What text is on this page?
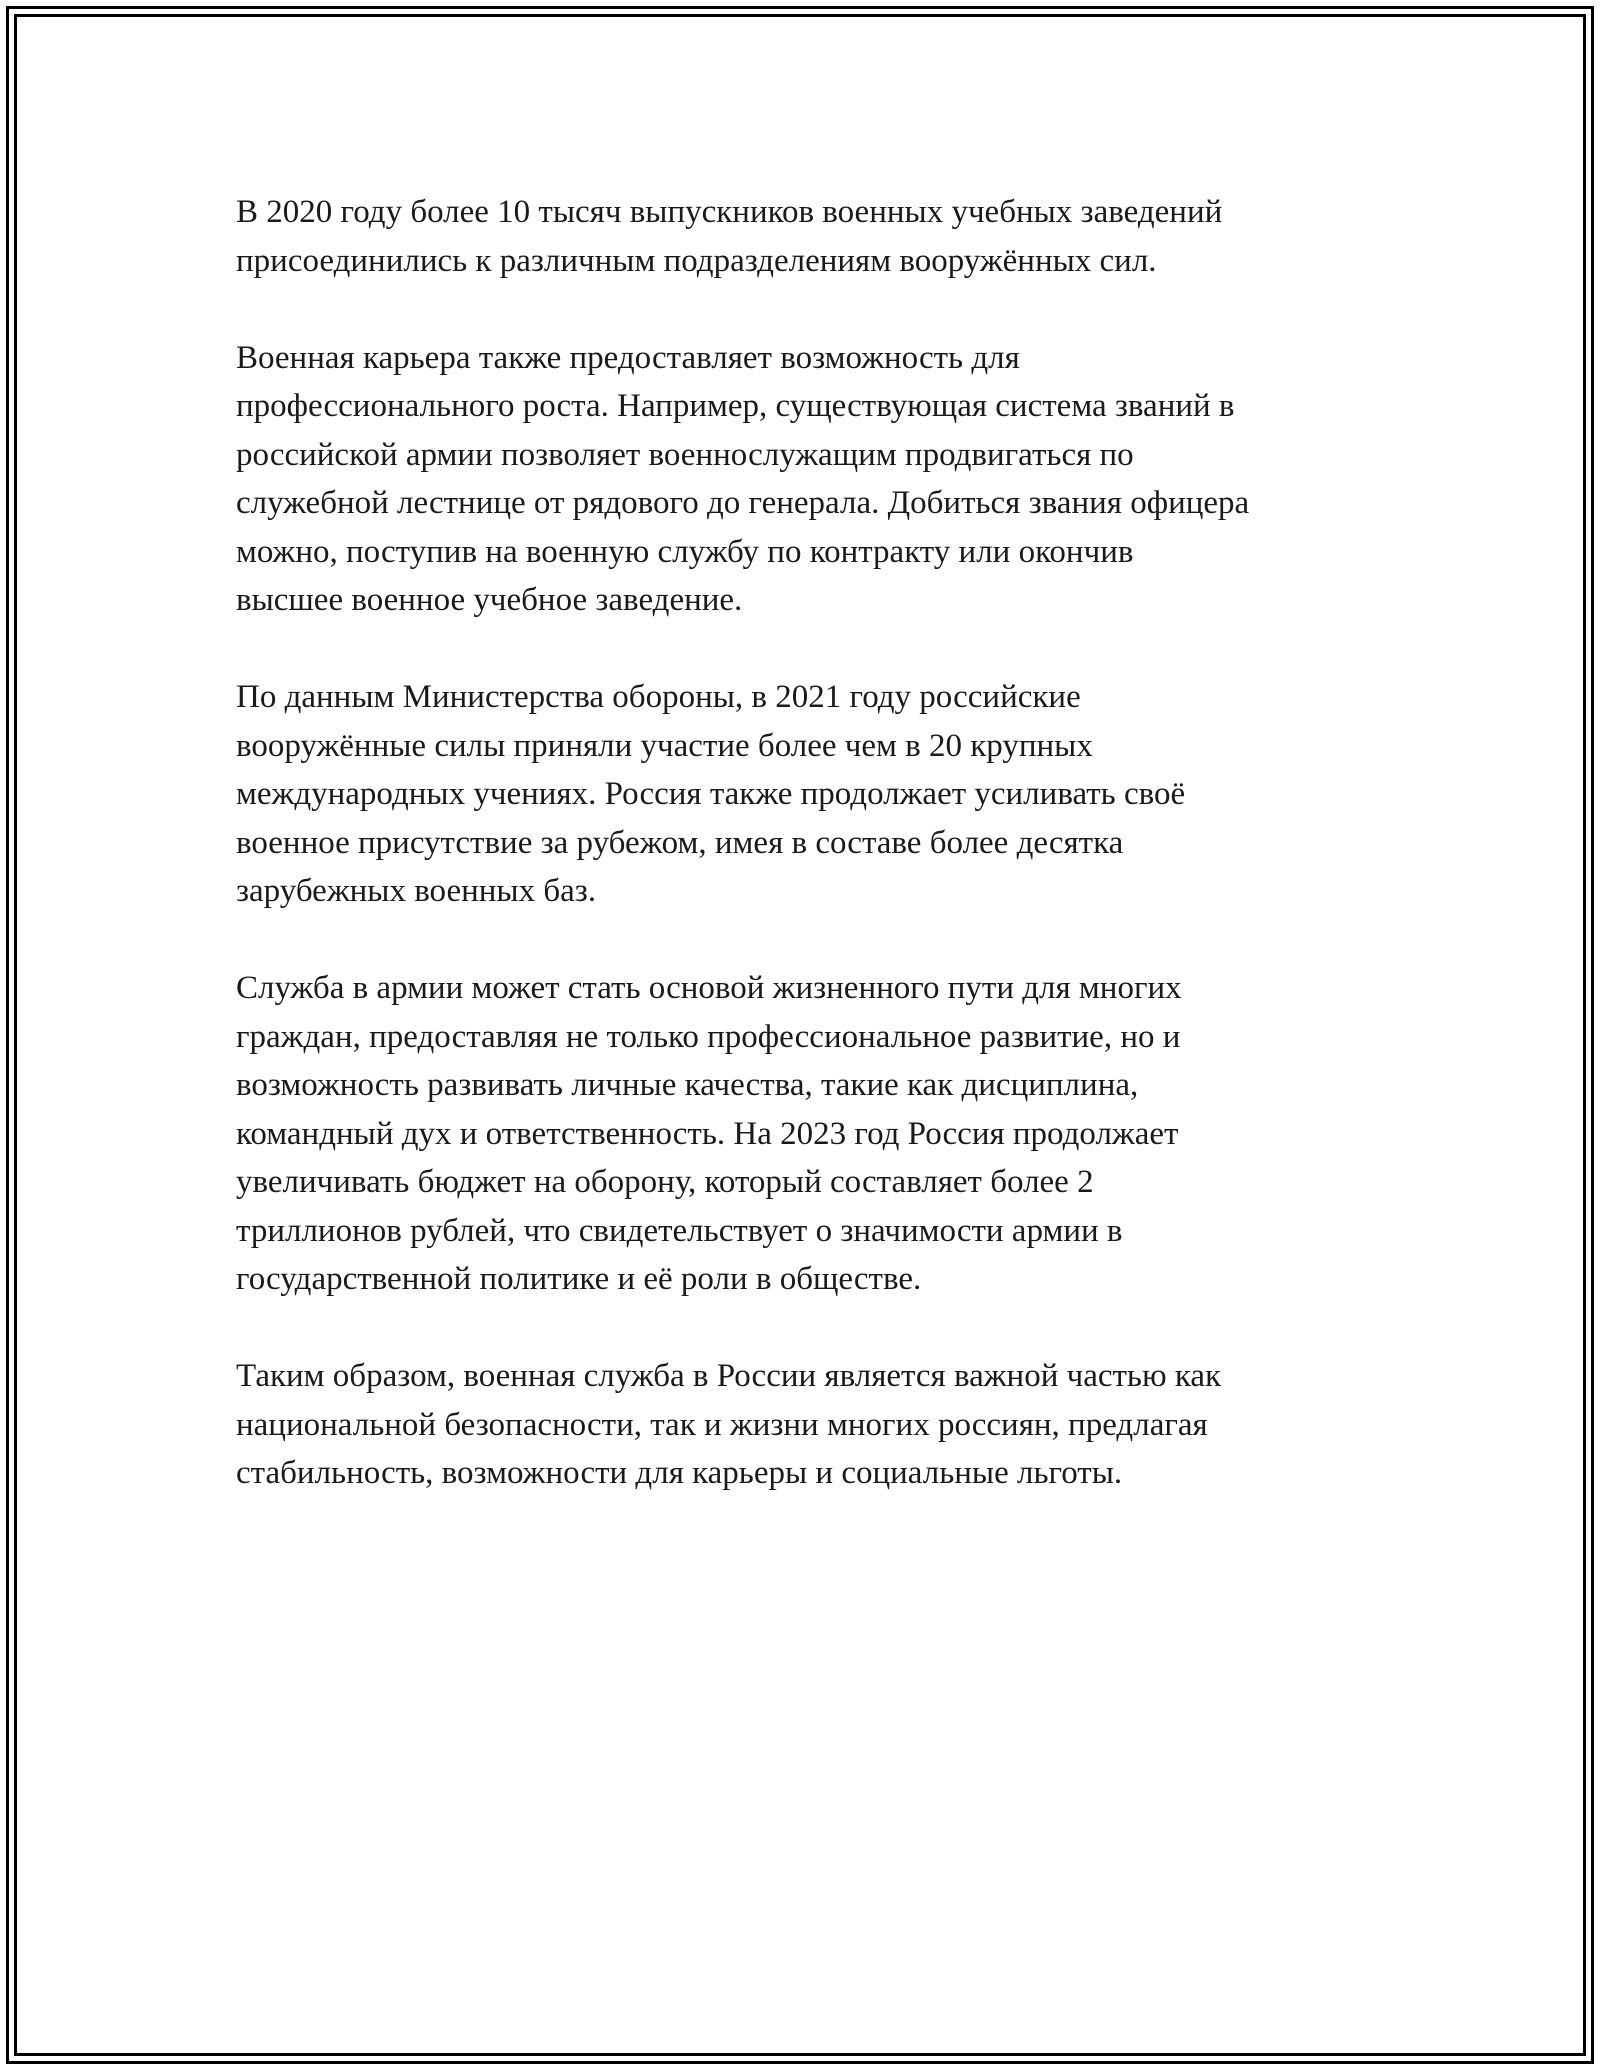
В 2020 году более 10 тысяч выпускников военных учебных заведений
присоединились к различным подразделениям вооружённых сил.

Военная карьера также предоставляет возможность для
профессионального роста. Например, существующая система званий в
российской армии позволяет военнослужащим продвигаться по
служебной лестнице от рядового до генерала. Добиться звания офицера
можно, поступив на военную службу по контракту или окончив
высшее военное учебное заведение.

По данным Министерства обороны, в 2021 году российские
вооружённые силы приняли участие более чем в 20 крупных
международных учениях. Россия также продолжает усиливать своё
военное присутствие за рубежом, имея в составе более десятка
зарубежных военных баз.

Служба в армии может стать основой жизненного пути для многих
граждан, предоставляя не только профессиональное развитие, но и
возможность развивать личные качества, такие как дисциплина,
командный дух и ответственность. На 2023 год Россия продолжает
увеличивать бюджет на оборону, который составляет более 2
триллионов рублей, что свидетельствует о значимости армии в
государственной политике и её роли в обществе.

Таким образом, военная служба в России является важной частью как
национальной безопасности, так и жизни многих россиян, предлагая
стабильность, возможности для карьеры и социальные льготы.
